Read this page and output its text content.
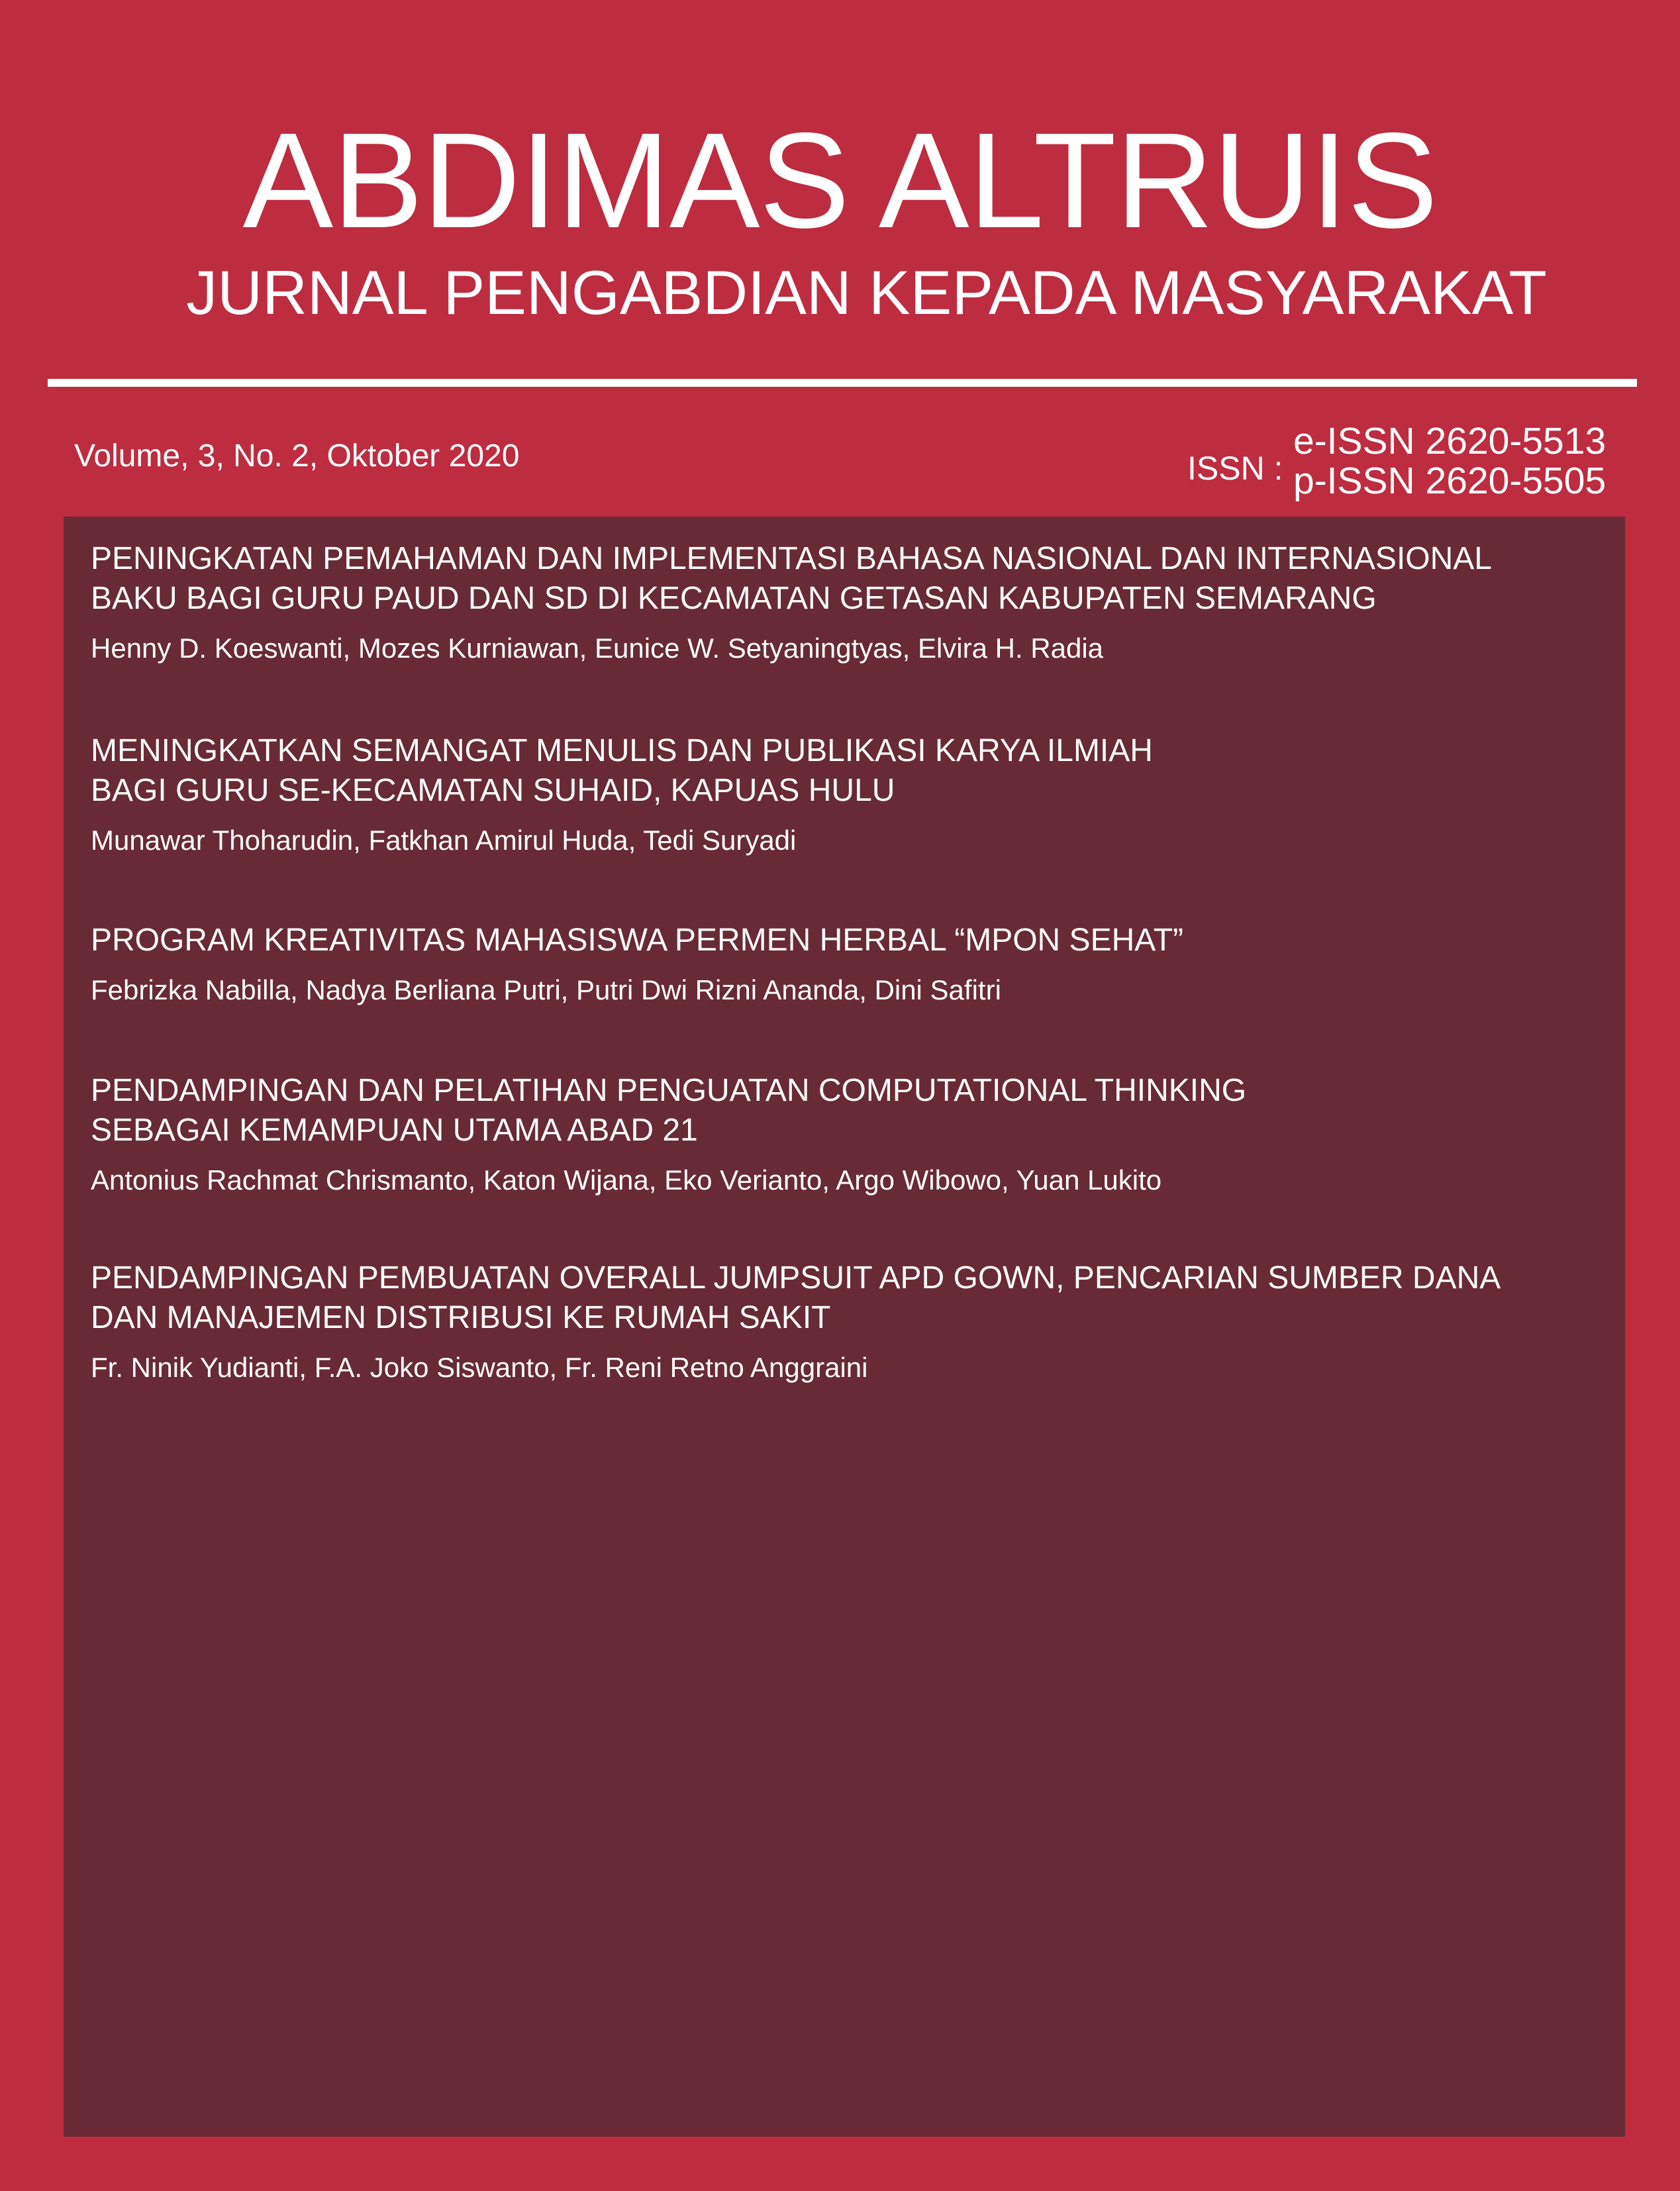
ABDIMAS ALTRUIS
JURNAL PENGABDIAN KEPADA MASYARAKAT
Volume, 3, No. 2, Oktober 2020	ISSN :
e-ISSN 2620-5513
p-ISSN 2620-5505

PENINGKATAN PEMAHAMAN DAN IMPLEMENTASI BAHASA NASIONAL DAN INTERNASIONAL
BAKU BAGI GURU PAUD DAN SD DI KECAMATAN GETASAN KABUPATEN SEMARANG

Henny D. Koeswanti, Mozes Kurniawan, Eunice W. Setyaningtyas, Elvira H. Radia

MENINGKATKAN SEMANGAT MENULIS DAN PUBLIKASI KARYA ILMIAH
BAGI GURU SE-KECAMATAN SUHAID, KAPUAS HULU

Munawar Thoharudin, Fatkhan Amirul Huda, Tedi Suryadi

PROGRAM KREATIVITAS MAHASISWA PERMEN HERBAL “MPON SEHAT”

Febrizka Nabilla, Nadya Berliana Putri, Putri Dwi Rizni Ananda, Dini Safitri

PENDAMPINGAN DAN PELATIHAN PENGUATAN COMPUTATIONAL THINKING
SEBAGAI KEMAMPUAN UTAMA ABAD 21

Antonius Rachmat Chrismanto, Katon Wijana, Eko Verianto, Argo Wibowo, Yuan Lukito

PENDAMPINGAN PEMBUATAN OVERALL JUMPSUIT APD GOWN, PENCARIAN SUMBER DANA
DAN MANAJEMEN DISTRIBUSI KE RUMAH SAKIT

Fr. Ninik Yudianti, F.A. Joko Siswanto, Fr. Reni Retno Anggraini
